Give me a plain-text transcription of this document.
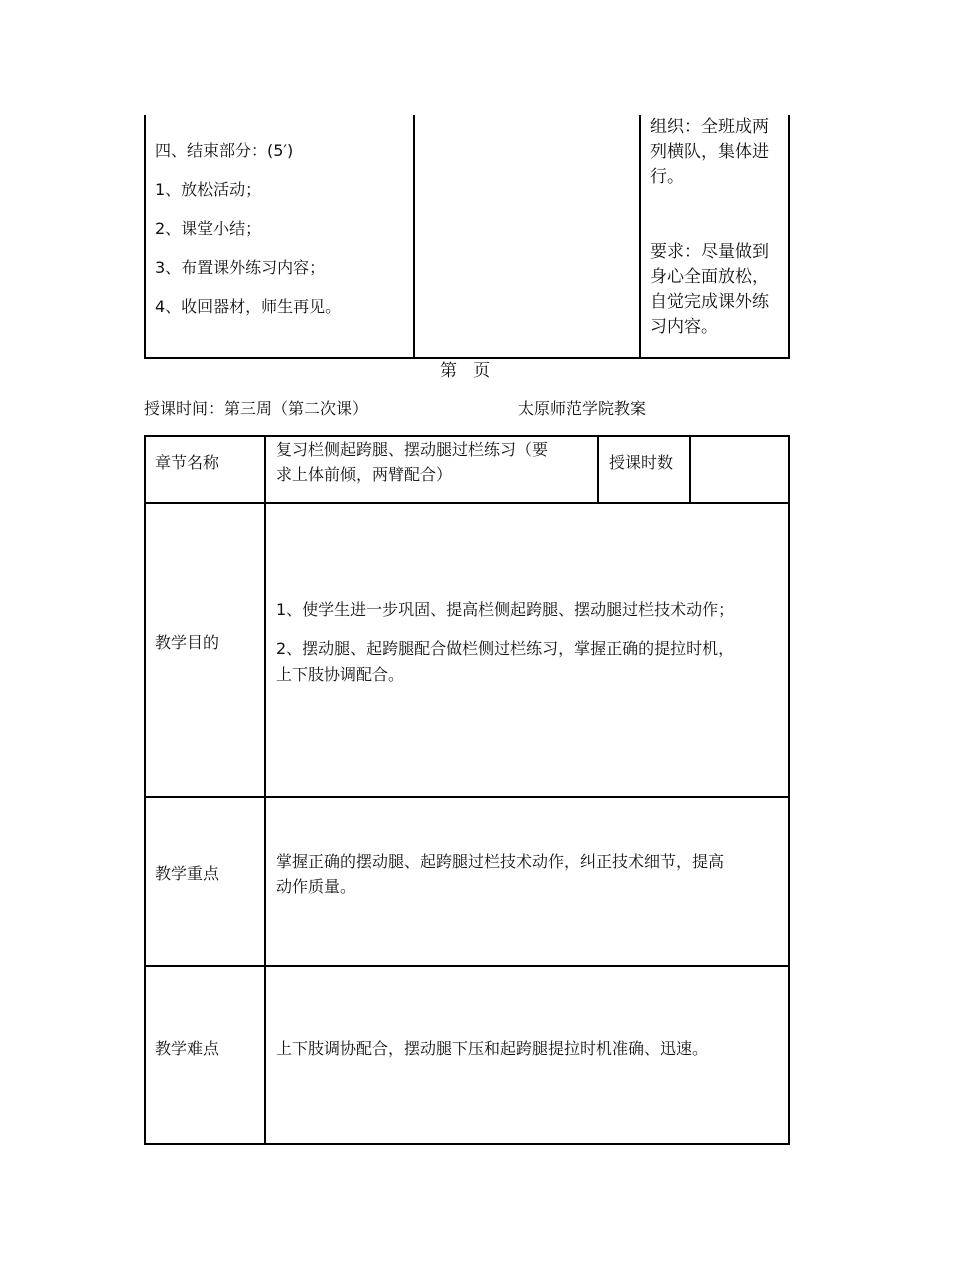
四、结束部分：(5′)
1、放松活动；
2、课堂小结；
3、布置课外练习内容；
4、收回器材，师生再见。
组织：全班成两
列横队，集体进
行。
要求：尽量做到
身心全面放松，
自觉完成课外练
习内容。
第   页
授课时间：第三周（第二次课）	太原师范学院教案
章节名称
复习栏侧起跨腿、摆动腿过栏练习（要
求上体前倾，两臂配合）
授课时数
教学目的
1、使学生进一步巩固、提高栏侧起跨腿、摆动腿过栏技术动作；
2、摆动腿、起跨腿配合做栏侧过栏练习，掌握正确的提拉时机，
上下肢协调配合。
教学重点
掌握正确的摆动腿、起跨腿过栏技术动作，纠正技术细节，提高
动作质量。
教学难点	上下肢调协配合，摆动腿下压和起跨腿提拉时机准确、迅速。
